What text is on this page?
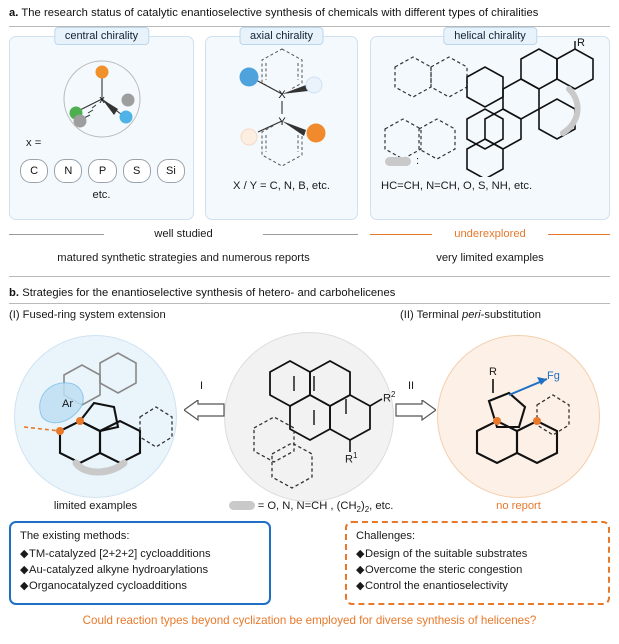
a. The research status of catalytic enantioselective synthesis of chemicals with different types of chiralities
central chirality
x
x =
C	N	P	S	Si
etc.
axial chirality
X
Y
X / Y = C, N, B, etc.
helical chirality
R
:
HC=CH, N=CH, O, S, NH, etc.
well studied	underexplored
matured synthetic strategies and numerous reports	very limited examples
b. Strategies for the enantioselective synthesis of hetero- and carbohelicenes
(I) Fused-ring system extension	(II) Terminal peri-substitution
Ar	$R^2$
$R^1$
R	Fg
I	II
limited examples	no report
= O, N, N=CH , $(CH_2)_2$, etc.
The existing methods:
◆TM-catalyzed [2+2+2] cycloadditions
◆Au-catalyzed alkyne hydroarylations
◆Organocatalyzed cycloadditions
Challenges:
◆Design of the suitable substrates
◆Overcome the steric congestion
◆Control the enantioselectivity
Could reaction types beyond cyclization be employed for diverse synthesis of helicenes?
